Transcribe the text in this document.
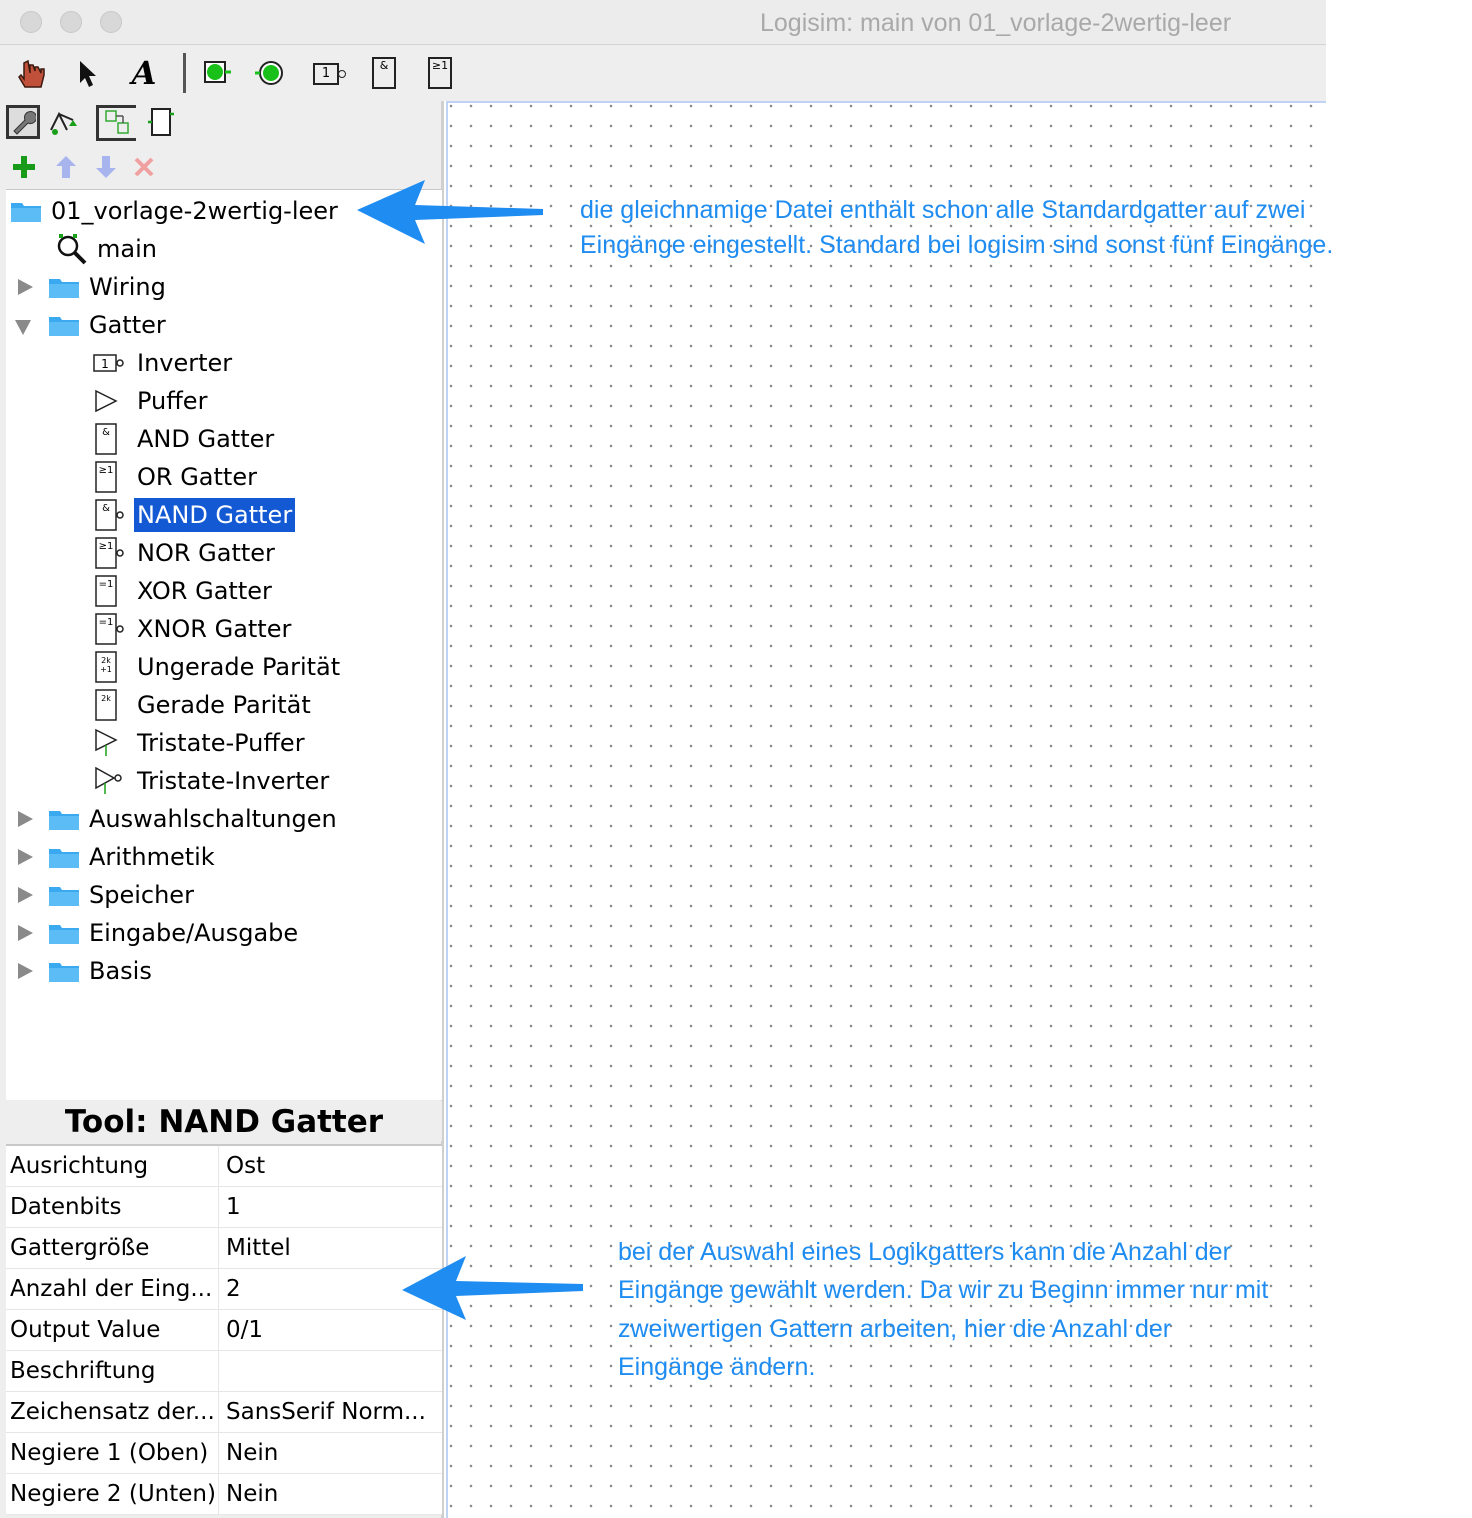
Logisim: main von 01_vorlage-2wertig-leer
A	1
&	≥1
01_vorlage-2wertig-leer
main
Wiring
Gatter
1 Inverter
Puffer
& AND Gatter
≥1 OR Gatter
& NAND Gatter
≥1 NOR Gatter
=1 XOR Gatter
=1 XNOR Gatter
2k
+1 Ungerade Parität
2k Gerade Parität
Tristate-Puffer
Tristate-Inverter
Auswahlschaltungen
Arithmetik
Speicher
Eingabe/Ausgabe
Basis
Tool: NAND Gatter
Ausrichtung	Ost
Datenbits	1
Gattergröße	Mittel
Anzahl der Eing... 2
Output Value	0/1
Beschriftung
Zeichensatz der... SansSerif Norm...
Negiere 1 (Oben) Nein
Negiere 2 (Unten) Nein
die gleichnamige Datei enthält schon alle Standardgatter auf zwei
Eingänge eingestellt. Standard bei logisim sind sonst fünf Eingänge.
bei der Auswahl eines Logikgatters kann die Anzahl der
Eingänge gewählt werden. Da wir zu Beginn immer nur mit
zweiwertigen Gattern arbeiten, hier die Anzahl der
Eingänge ändern.
